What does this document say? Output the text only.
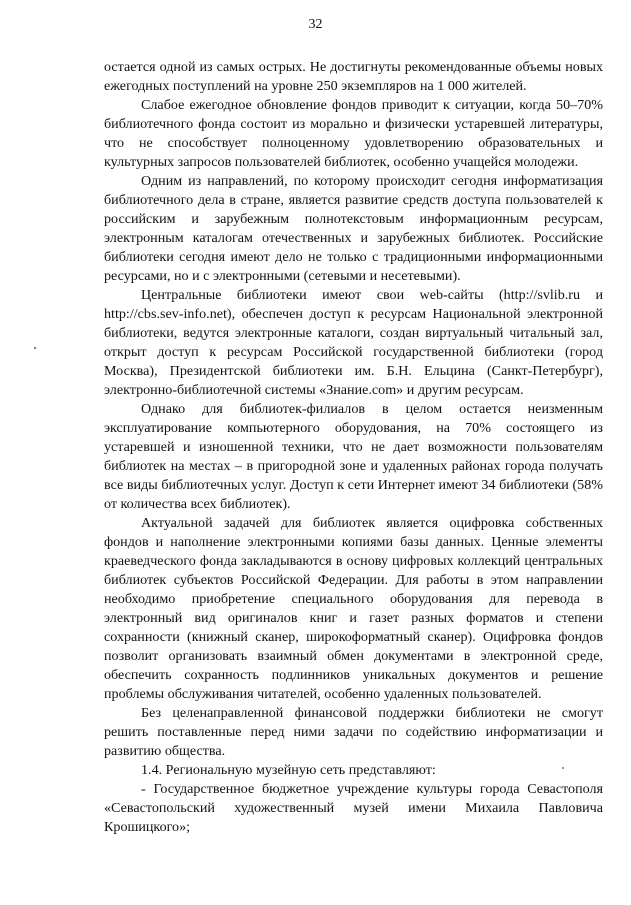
32

остается одной из самых острых. Не достигнуты рекомендованные объемы новых ежегодных поступлений на уровне 250 экземпляров на 1 000 жителей.

Слабое ежегодное обновление фондов приводит к ситуации, когда 50–70% библиотечного фонда состоит из морально и физически устаревшей литературы, что не способствует полноценному удовлетворению образовательных и культурных запросов пользователей библиотек, особенно учащейся молодежи.

Одним из направлений, по которому происходит сегодня информатизация библиотечного дела в стране, является развитие средств доступа пользователей к российским и зарубежным полнотекстовым информационным ресурсам, электронным каталогам отечественных и зарубежных библиотек. Российские библиотеки сегодня имеют дело не только с традиционными информационными ресурсами, но и с электронными (сетевыми и несетевыми).

Центральные библиотеки имеют свои web-сайты (http://svlib.ru и http://cbs.sev-info.net), обеспечен доступ к ресурсам Национальной электронной библиотеки, ведутся электронные каталоги, создан виртуальный читальный зал, открыт доступ к ресурсам Российской государственной библиотеки (город Москва), Президентской библиотеки им. Б.Н. Ельцина (Санкт-Петербург), электронно-библиотечной системы «Знание.com» и другим ресурсам.

Однако для библиотек-филиалов в целом остается неизменным эксплуатирование компьютерного оборудования, на 70% состоящего из устаревшей и изношенной техники, что не дает возможности пользователям библиотек на местах – в пригородной зоне и удаленных районах города получать все виды библиотечных услуг. Доступ к сети Интернет имеют 34 библиотеки (58% от количества всех библиотек).

Актуальной задачей для библиотек является оцифровка собственных фондов и наполнение электронными копиями базы данных. Ценные элементы краеведческого фонда закладываются в основу цифровых коллекций центральных библиотек субъектов Российской Федерации. Для работы в этом направлении необходимо приобретение специального оборудования для перевода в электронный вид оригиналов книг и газет разных форматов и степени сохранности (книжный сканер, широкоформатный сканер). Оцифровка фондов позволит организовать взаимный обмен документами в электронной среде, обеспечить сохранность подлинников уникальных документов и решение проблемы обслуживания читателей, особенно удаленных пользователей.

Без целенаправленной финансовой поддержки библиотеки не смогут решить поставленные перед ними задачи по содействию информатизации и развитию общества.

1.4. Региональную музейную сеть представляют:

- Государственное бюджетное учреждение культуры города Севастополя «Севастопольский художественный музей имени Михаила Павловича Крошицкого»;
